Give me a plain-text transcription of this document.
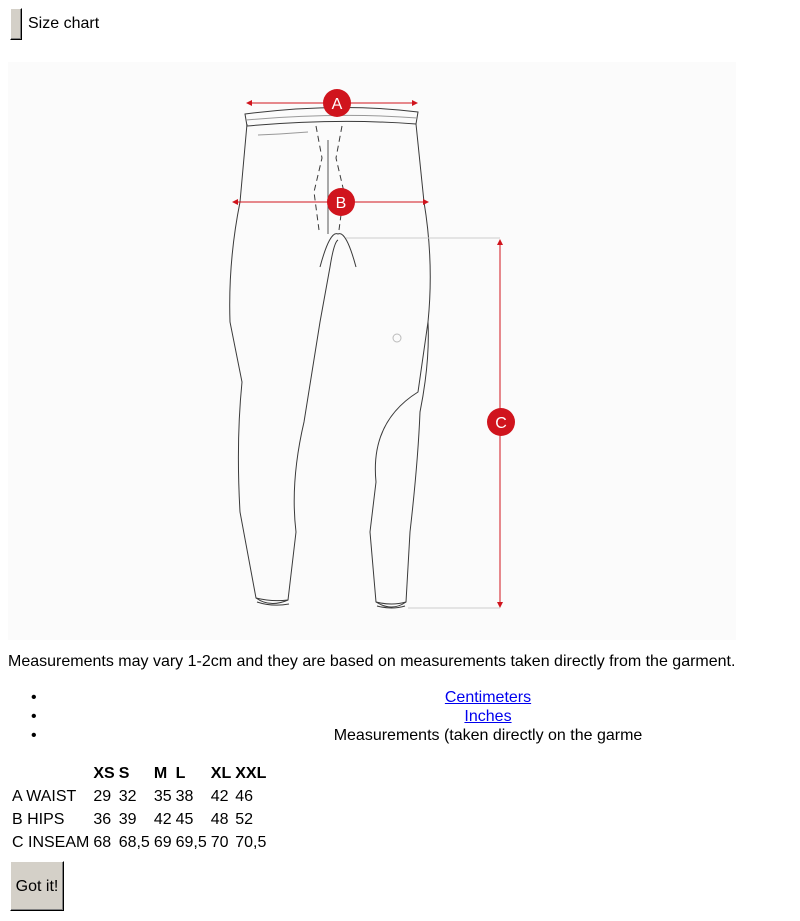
Size chart
A
B
C
Measurements may vary 1-2cm and they are based on measurements taken directly from the garment.
•	Centimeters
•	Inches
•	Measurements (taken directly on the garme
	XS	S	M	L	XL	XXL
A WAIST	29	32	35	38	42	46
B HIPS	36	39	42	45	48	52
C INSEAM	68	68,5	69	69,5	70	70,5
Got it!
